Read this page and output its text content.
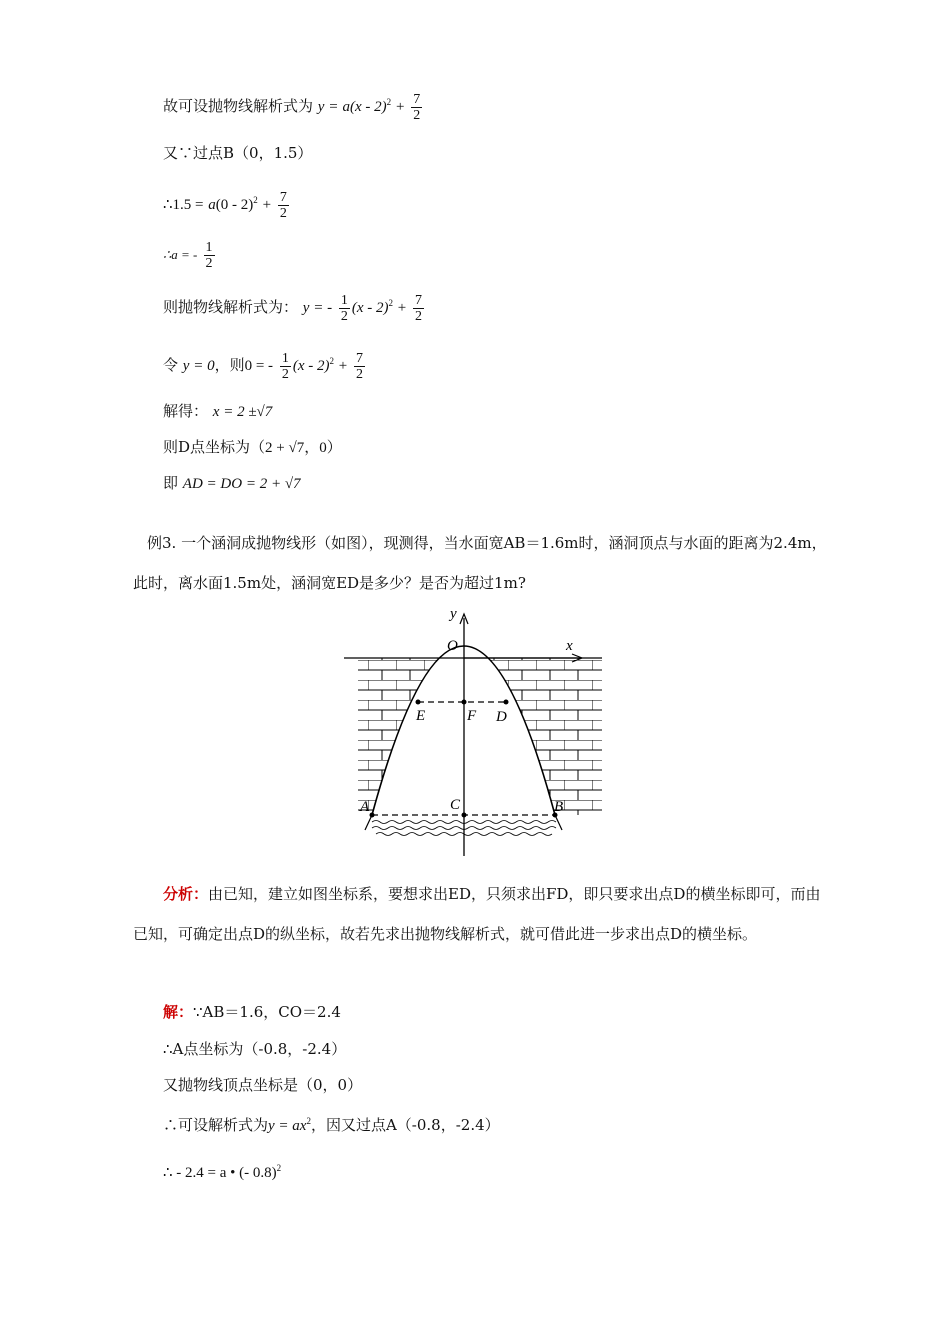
故可设抛物线解析式为 $y = a(x - 2)^2 + \frac{7}{2}$
又∵过点B（0，1.5）
∴1.5 = $a(0 - 2)^2 + \frac{7}{2}$
∴a = - $\frac{1}{2}$
则抛物线解析式为： y = - $\frac{1}{2} (x - 2)^2 + \frac{7}{2}$
令 y = 0，则0 = - $\frac{1}{2} (x - 2)^2 + \frac{7}{2}$
解得： x = 2 ±√7
则D点坐标为（2 + √7，0）
即 AD = DO = 2 + √7
例3. 一个涵洞成抛物线形（如图），现测得，当水面宽AB＝1.6m时，涵洞顶点与水面的距离为2.4m，此时，离水面1.5m处，涵洞宽ED是多少？是否为超过1m?
y
x
O
E	F D
A	C	B
分析：由已知，建立如图坐标系，要想求出ED，只须求出FD，即只要求出点D的横坐标即可，而由已知，可确定出点D的纵坐标，故若先求出抛物线解析式，就可借此进一步求出点D的横坐标。
解：∵AB＝1.6，CO＝2.4
∴A点坐标为（-0.8，-2.4）
又抛物线顶点坐标是（0，0）
∴可设解析式为$y = ax^2$，因又过点A（-0.8，-2.4）
∴ - 2.4 = a • (- 0.8)$^2$
